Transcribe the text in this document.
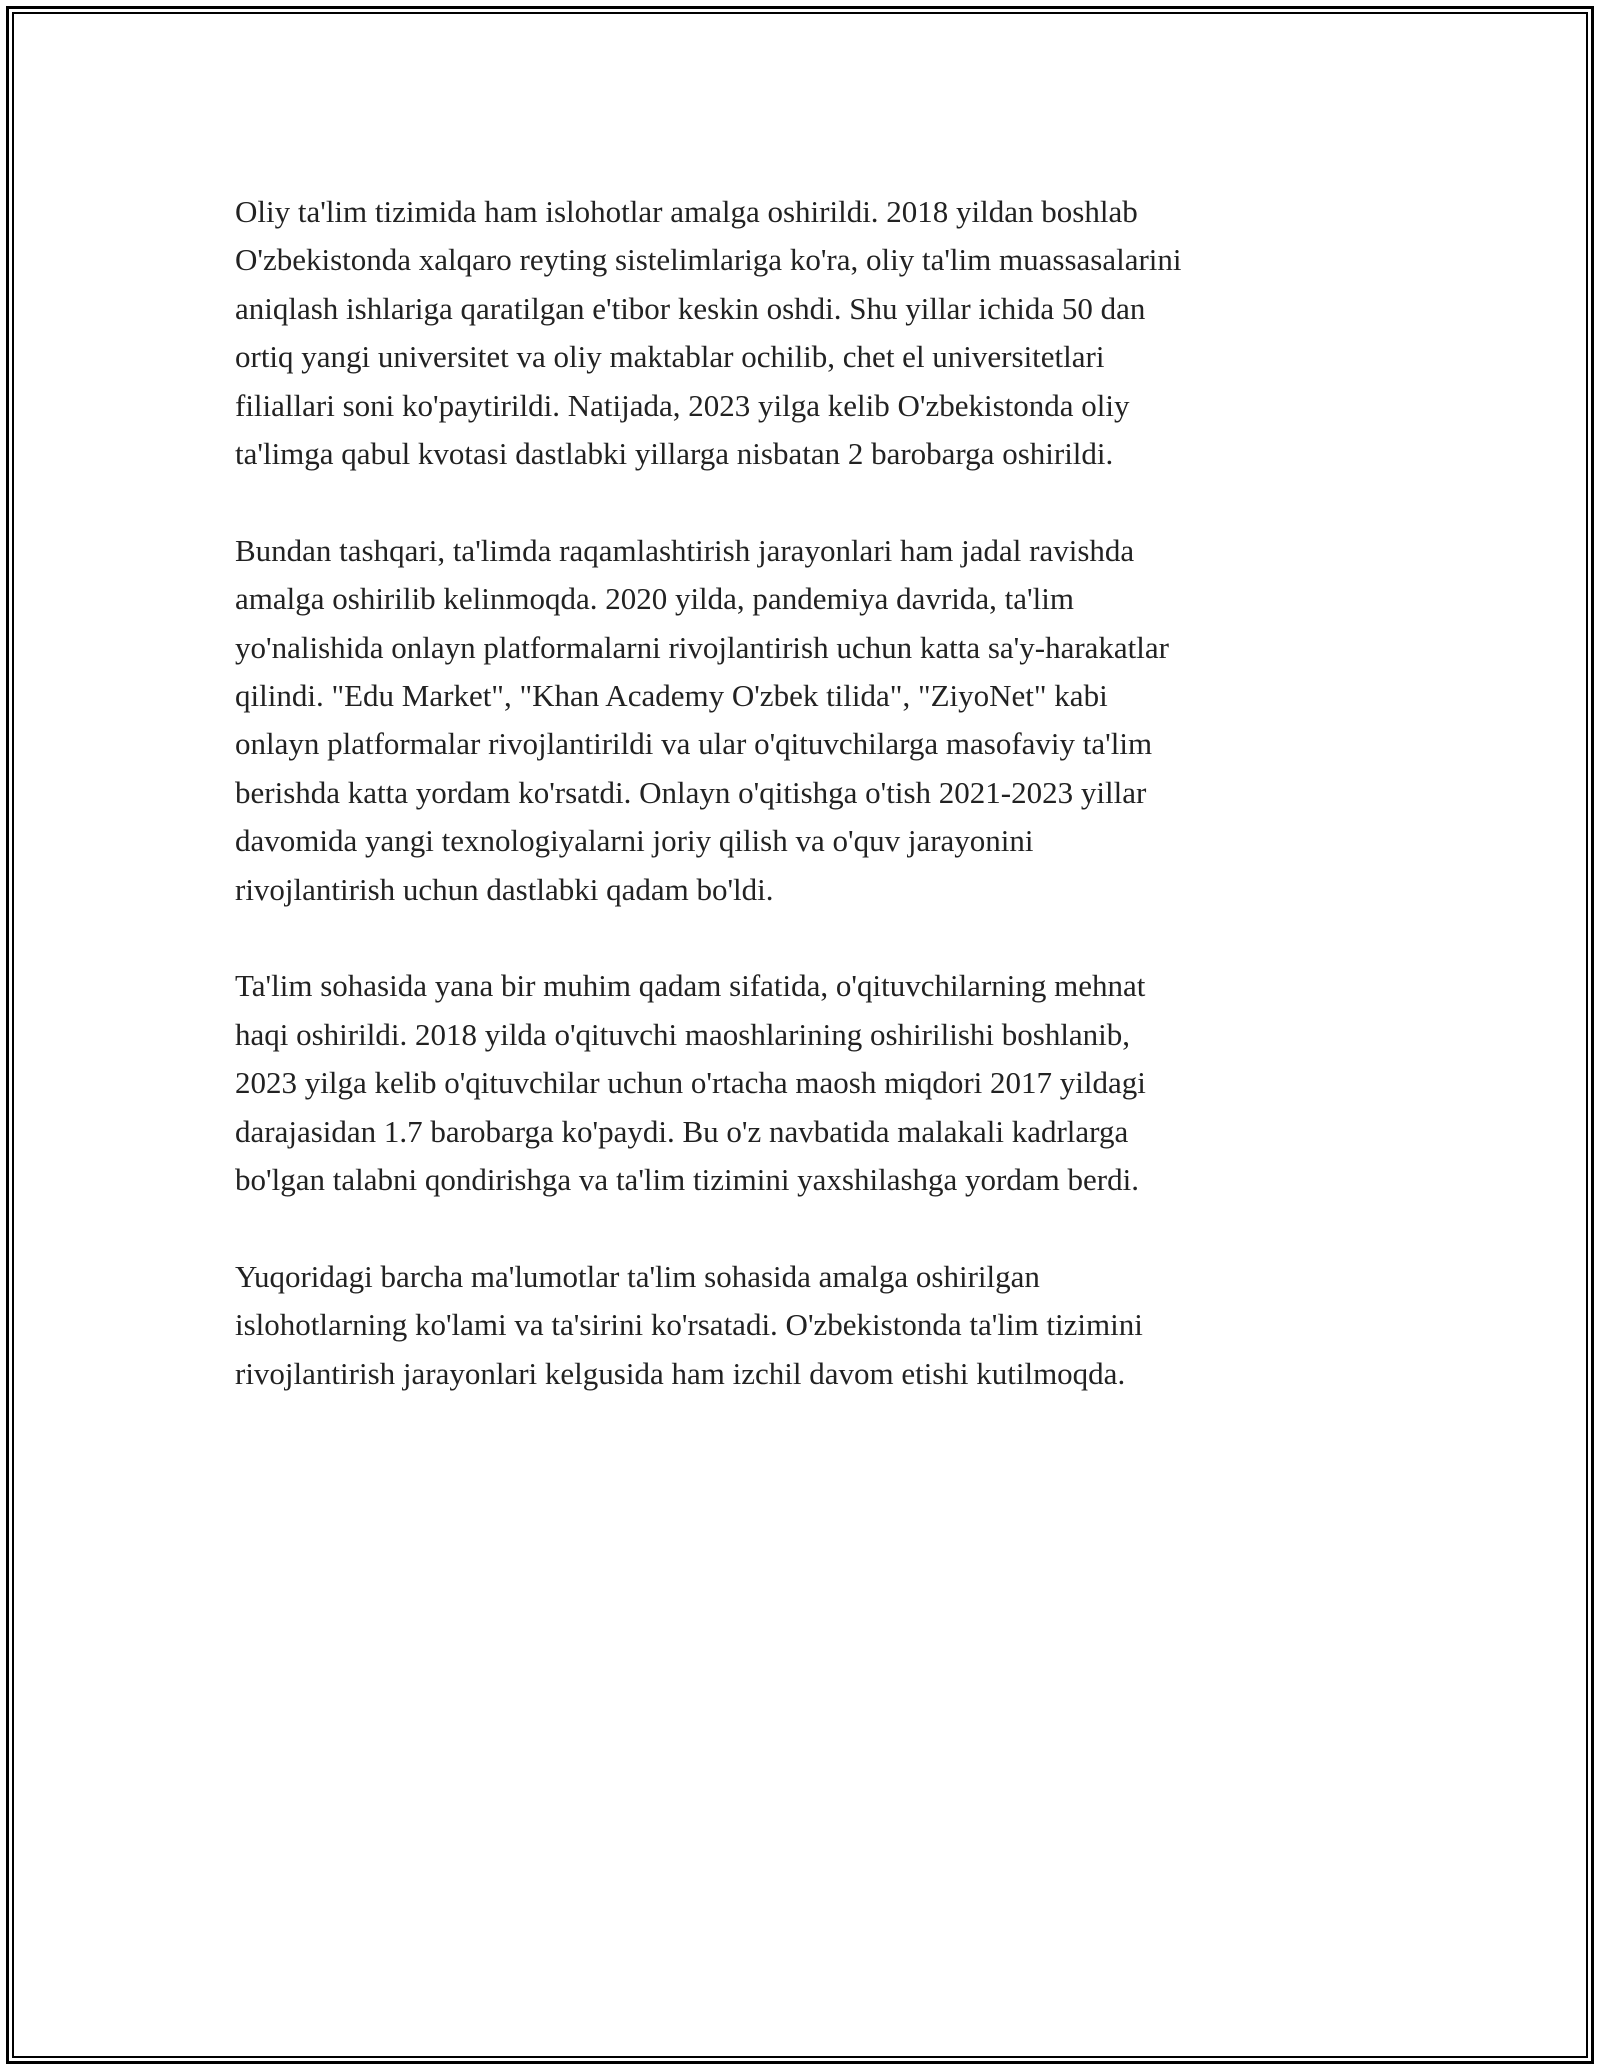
Oliy ta'lim tizimida ham islohotlar amalga oshirildi. 2018 yildan boshlab
O'zbekistonda xalqaro reyting sistelimlariga ko'ra, oliy ta'lim muassasalarini
aniqlash ishlariga qaratilgan e'tibor keskin oshdi. Shu yillar ichida 50 dan
ortiq yangi universitet va oliy maktablar ochilib, chet el universitetlari
filiallari soni ko'paytirildi. Natijada, 2023 yilga kelib O'zbekistonda oliy
ta'limga qabul kvotasi dastlabki yillarga nisbatan 2 barobarga oshirildi.

Bundan tashqari, ta'limda raqamlashtirish jarayonlari ham jadal ravishda
amalga oshirilib kelinmoqda. 2020 yilda, pandemiya davrida, ta'lim
yo'nalishida onlayn platformalarni rivojlantirish uchun katta sa'y-harakatlar
qilindi. "Edu Market", "Khan Academy O'zbek tilida", "ZiyoNet" kabi
onlayn platformalar rivojlantirildi va ular o'qituvchilarga masofaviy ta'lim
berishda katta yordam ko'rsatdi. Onlayn o'qitishga o'tish 2021-2023 yillar
davomida yangi texnologiyalarni joriy qilish va o'quv jarayonini
rivojlantirish uchun dastlabki qadam bo'ldi.

Ta'lim sohasida yana bir muhim qadam sifatida, o'qituvchilarning mehnat
haqi oshirildi. 2018 yilda o'qituvchi maoshlarining oshirilishi boshlanib,
2023 yilga kelib o'qituvchilar uchun o'rtacha maosh miqdori 2017 yildagi
darajasidan 1.7 barobarga ko'paydi. Bu o'z navbatida malakali kadrlarga
bo'lgan talabni qondirishga va ta'lim tizimini yaxshilashga yordam berdi.

Yuqoridagi barcha ma'lumotlar ta'lim sohasida amalga oshirilgan
islohotlarning ko'lami va ta'sirini ko'rsatadi. O'zbekistonda ta'lim tizimini
rivojlantirish jarayonlari kelgusida ham izchil davom etishi kutilmoqda.
